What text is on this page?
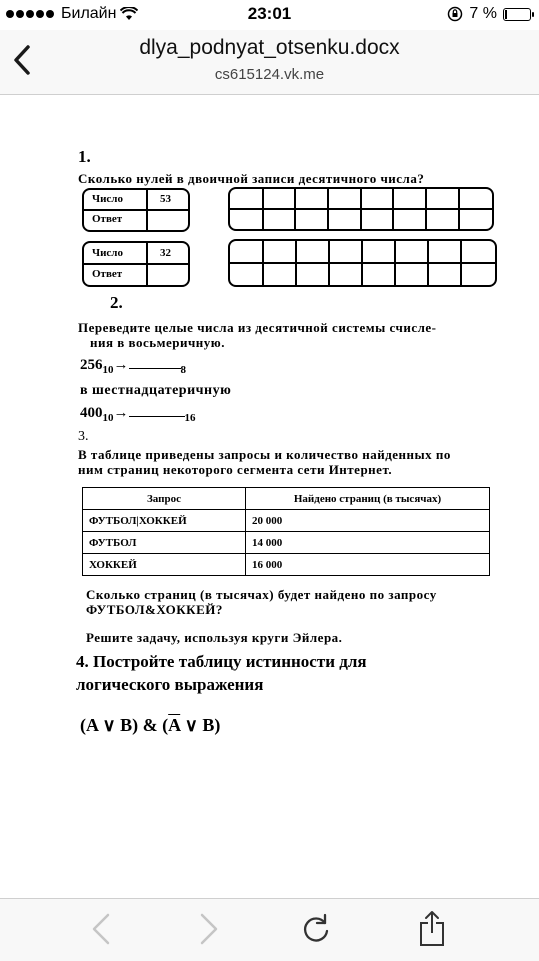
Билайн	23:01	7 %
dlya_podnyat_otsenku.docx
cs615124.vk.me
1.
Сколько нулей в двоичной записи десятичного числа?
Число	53
Ответ
Число	32
Ответ
2.
Переведите целые числа из десятичной системы счисле-
ния в восьмеричную.
$256_{10}\to$	$_8$
в шестнадцатеричную
$400_{10}\to$	$_{16}$
3.
В таблице приведены запросы и количество найденных по
ним страниц некоторого сегмента сети Интернет.
Запрос	Найдено страниц (в тысячах)
ФУТБОЛ|ХОККЕЙ	20 000
ФУТБОЛ	14 000
ХОККЕЙ	16 000
Сколько страниц (в тысячах) будет найдено по запросу
ФУТБОЛ&ХОККЕЙ?
Решите задачу, используя круги Эйлера.
4. Постройте таблицу истинности для
логического выражения
(A ∨ B) & ($\overline{A}$ ∨ B)
